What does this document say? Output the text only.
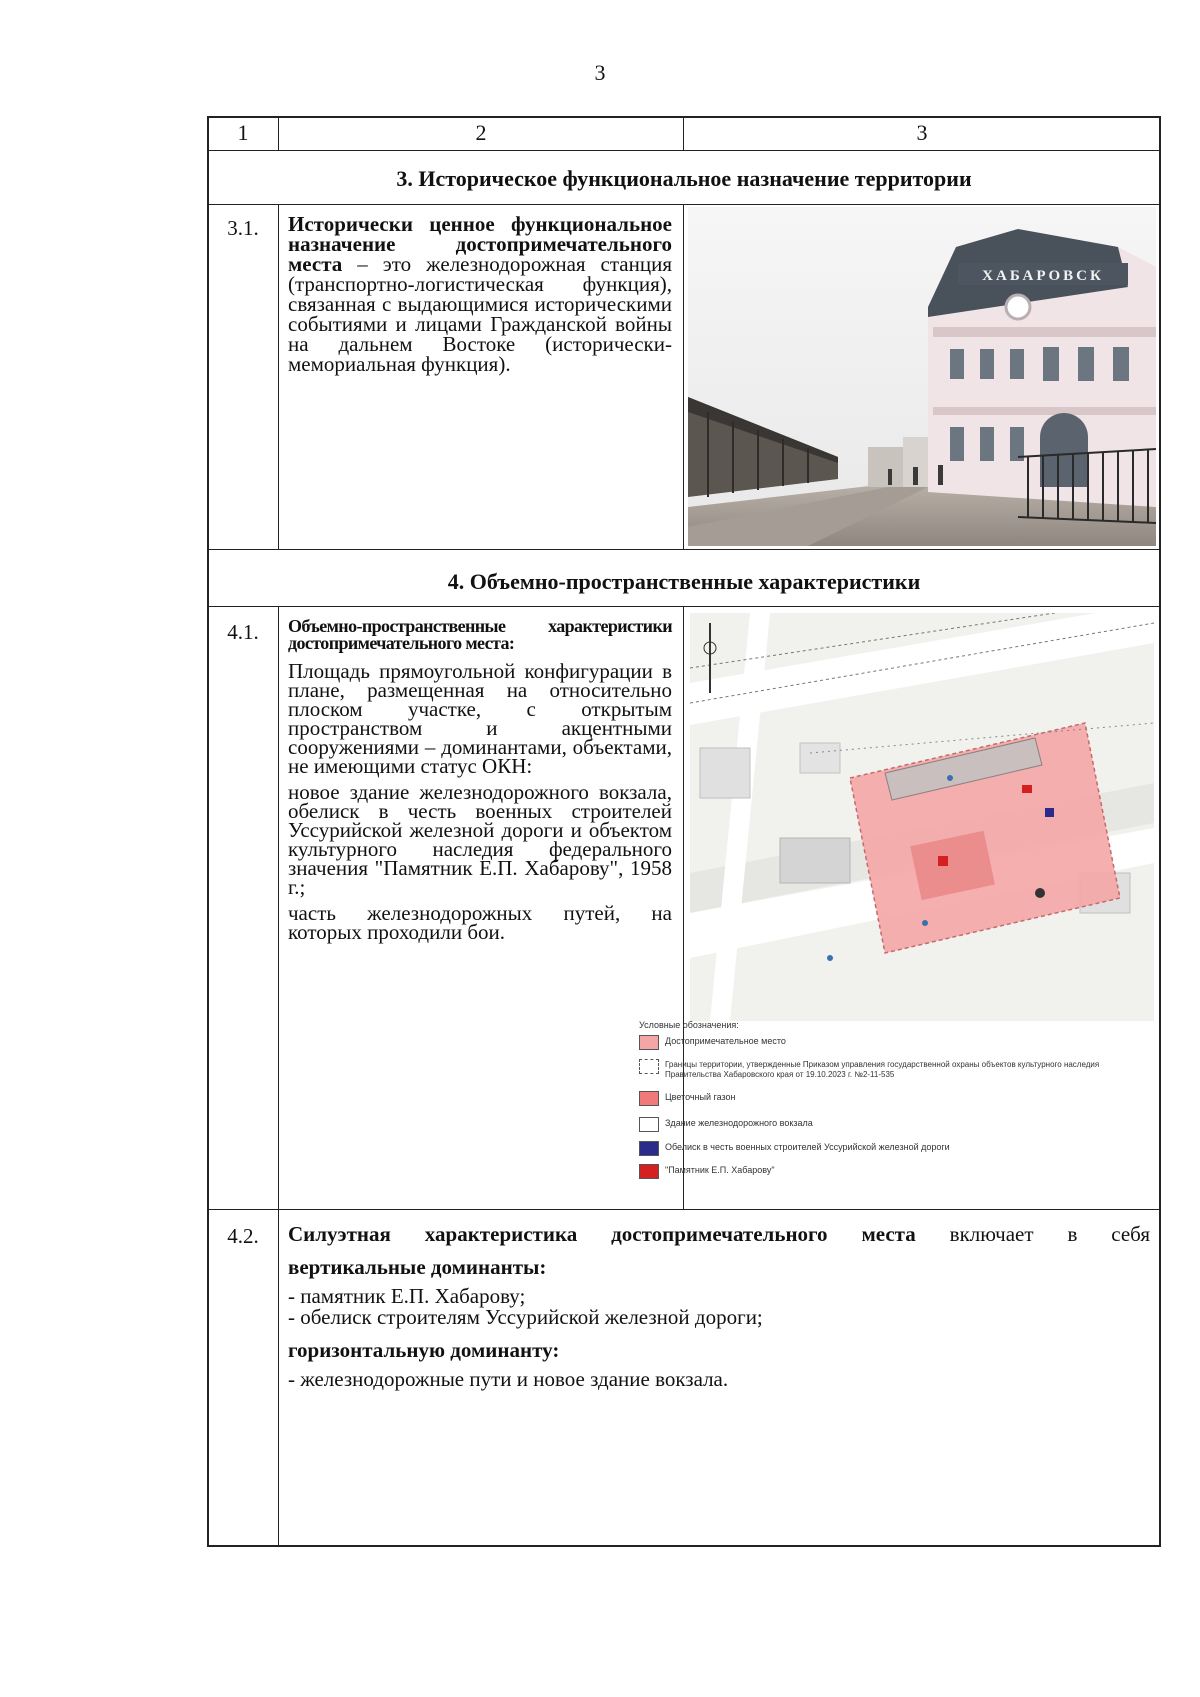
3
1	2	3
3. Историческое функциональное назначение территории
3.1.	Исторически ценное функциональное назначение достопримечательного места – это железнодорожная станция (транспортно-логистическая функция), связанная с выдающимися историческими событиями и лицами Гражданской войны на дальнем Востоке (исторически-мемориальная функция).
ХАБАРОВСК
4. Объемно-пространственные характеристики
4.1.	Объемно-пространственные характеристики достопримечательного места:

Площадь прямоугольной конфигурации в плане, размещенная на относительно плоском участке, с открытым пространством и акцентными сооружениями – доминантами, объектами, не имеющими статус ОКН:

новое здание железнодорожного вокзала, обелиск в честь военных строителей Уссурийской железной дороги и объектом культурного наследия федерального значения "Памятник Е.П. Хабарову", 1958 г.;

часть железнодорожных путей, на которых проходили бои.

Условные обозначения:
Достопримечательное место
Границы территории, утвержденные Приказом управления государственной охраны объектов культурного наследия Правительства Хабаровского края от 19.10.2023 г. №2-11-535
Цветочный газон
Здание железнодорожного вокзала
Обелиск в честь военных строителей Уссурийской железной дороги
"Памятник Е.П. Хабарову"
4.2.	Силуэтная характеристика достопримечательного места включает в себя
вертикальные доминанты:
- памятник Е.П. Хабарову;
- обелиск строителям Уссурийской железной дороги;
горизонтальную доминанту:
- железнодорожные пути и новое здание вокзала.
